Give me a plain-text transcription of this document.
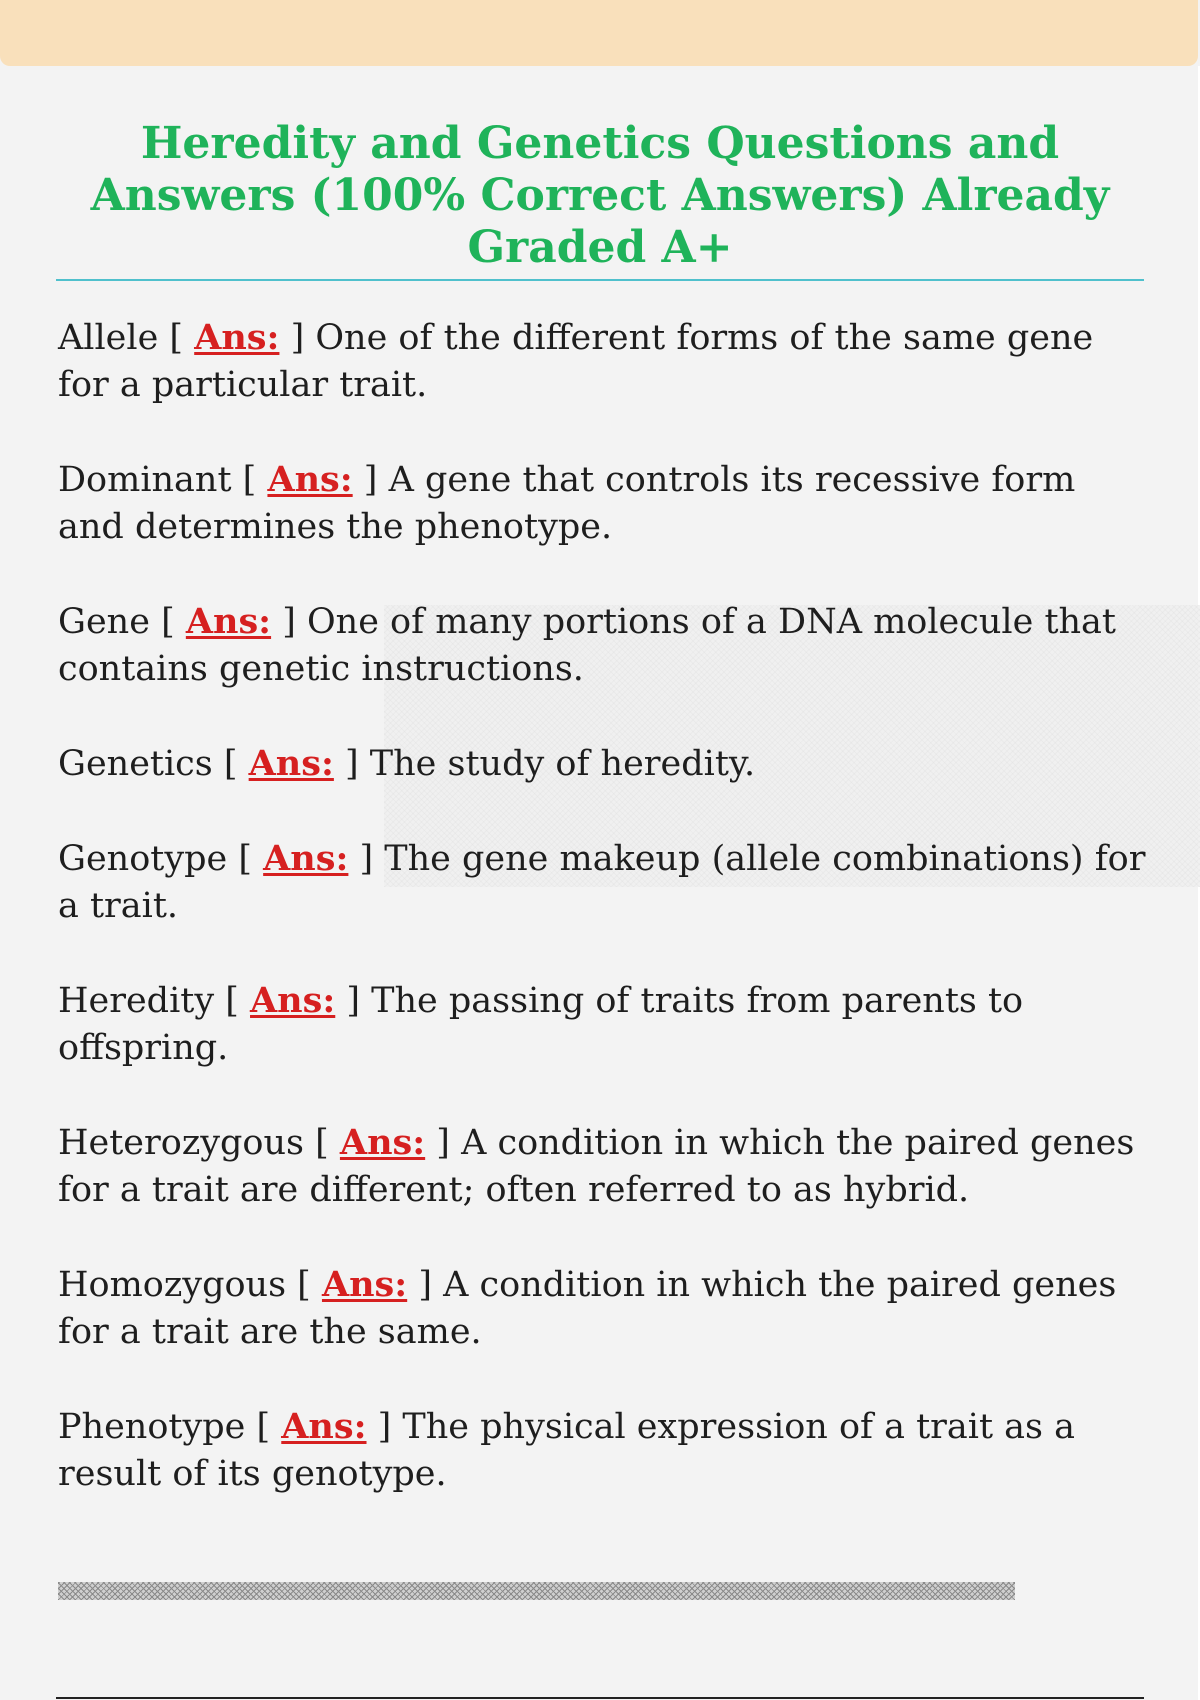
Heredity and Genetics Questions and Answers (100% Correct Answers) Already Graded A+
Allele [ Ans: ] One of the different forms of the same gene for a particular trait.
Dominant [ Ans: ] A gene that controls its recessive form and determines the phenotype.
Gene [ Ans: ] One of many portions of a DNA molecule that contains genetic instructions.
Genetics [ Ans: ] The study of heredity.
Genotype [ Ans: ] The gene makeup (allele combinations) for a trait.
Heredity [ Ans: ] The passing of traits from parents to offspring.
Heterozygous [ Ans: ] A condition in which the paired genes for a trait are different; often referred to as hybrid.
Homozygous [ Ans: ] A condition in which the paired genes for a trait are the same.
Phenotype [ Ans: ] The physical expression of a trait as a result of its genotype.
